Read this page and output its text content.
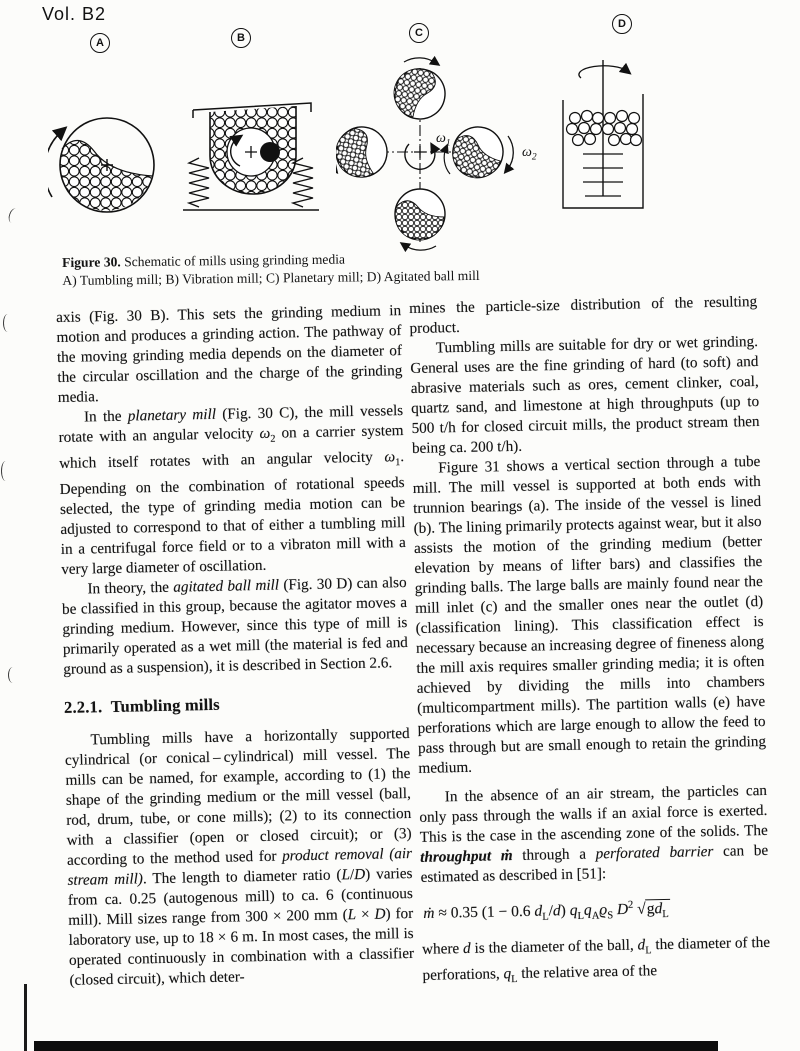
Vol. B2
A	B	C
D
$\omega_1$
$\omega_2$
Figure 30. Schematic of mills using grinding media
A) Tumbling mill; B) Vibration mill; C) Planetary mill; D) Agitated ball mill

axis (Fig. 30 B). This sets the grinding medium in motion and produces a grinding action. The pathway of the moving grinding media depends on the diameter of the circular oscillation and the charge of the grinding media.

In the planetary mill (Fig. 30 C), the mill vessels rotate with an angular velocity $\omega_2$ on a carrier system which itself rotates with an angular velocity $\omega_1$. Depending on the combination of rotational speeds selected, the type of grinding media motion can be adjusted to correspond to that of either a tumbling mill in a centrifugal force field or to a vibraton mill with a very large diameter of oscillation.

In theory, the agitated ball mill (Fig. 30 D) can also be classified in this group, because the agitator moves a grinding medium. However, since this type of mill is primarily operated as a wet mill (the material is fed and ground as a suspension), it is described in Section 2.6.

2.2.1. Tumbling mills

Tumbling mills have a horizontally supported cylindrical (or conical – cylindrical) mill vessel. The mills can be named, for example, according to (1) the shape of the grinding medium or the mill vessel (ball, rod, drum, tube, or cone mills); (2) to its connection with a classifier (open or closed circuit); or (3) according to the method used for product removal (air stream mill). The length to diameter ratio (L/D) varies from ca. 0.25 (autogenous mill) to ca. 6 (continuous mill). Mill sizes range from 300 × 200 mm (L × D) for laboratory use, up to 18 × 6 m. In most cases, the mill is operated continuously in combination with a classifier (closed circuit), which deter-

mines the particle-size distribution of the resulting product.

Tumbling mills are suitable for dry or wet grinding. General uses are the fine grinding of hard (to soft) and abrasive materials such as ores, cement clinker, coal, quartz sand, and limestone at high throughputs (up to 500 t/h for closed circuit mills, the product stream then being ca. 200 t/h).

Figure 31 shows a vertical section through a tube mill. The mill vessel is supported at both ends with trunnion bearings (a). The inside of the vessel is lined (b). The lining primarily protects against wear, but it also assists the motion of the grinding medium (better elevation by means of lifter bars) and classifies the grinding balls. The large balls are mainly found near the mill inlet (c) and the smaller ones near the outlet (d) (classification lining). This classification effect is necessary because an increasing degree of fineness along the mill axis requires smaller grinding media; it is often achieved by dividing the mills into chambers (multicompartment mills). The partition walls (e) have perforations which are large enough to allow the feed to pass through but are small enough to retain the grinding medium.

In the absence of an air stream, the particles can only pass through the walls if an axial force is exerted. This is the case in the ascending zone of the solids. The throughput ṁ through a perforated barrier can be estimated as described in [51]:

ṁ ≈ 0.35 (1 − 0.6 $d_L/d$) $q_Lq_Aϱ_S$ $D^2$ $√gd_L$

where d is the diameter of the ball, $d_L$ the diameter of the perforations, $q_L$ the relative area of the
